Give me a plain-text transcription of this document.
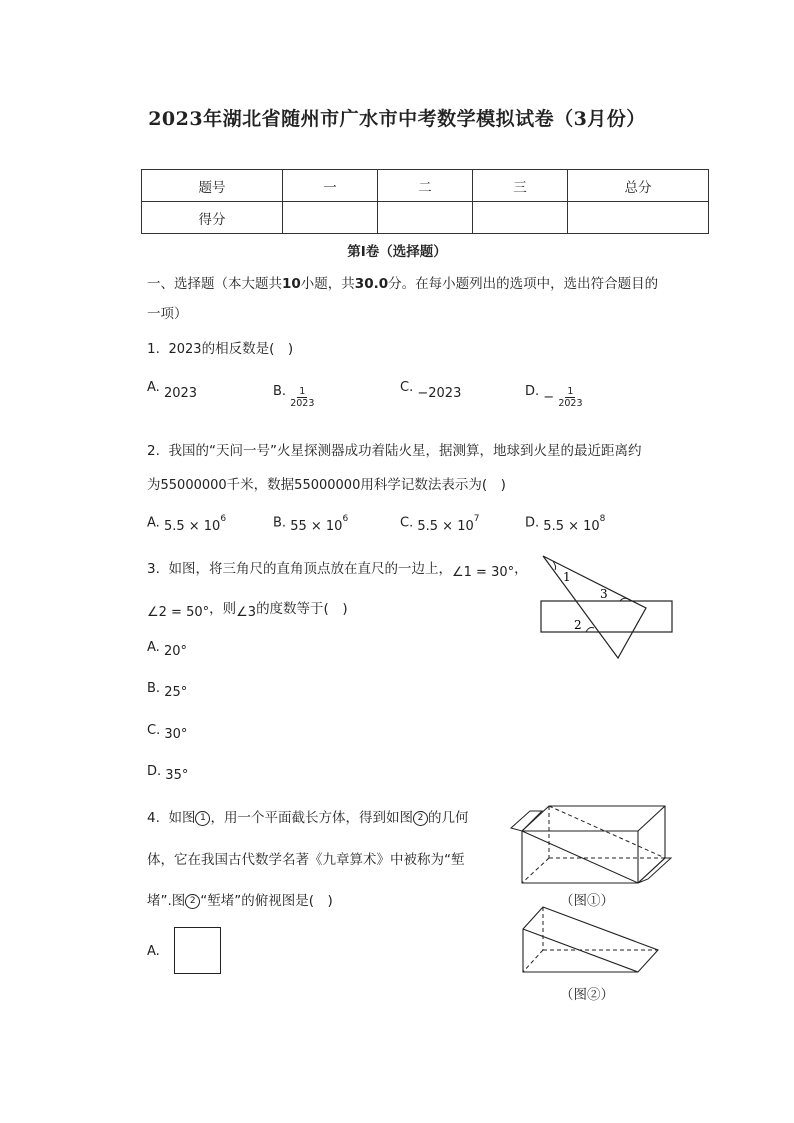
2023年湖北省随州市广水市中考数学模拟试卷（3月份）
题号	一	二	三	总分
得分				
第I卷（选择题）
一、选择题（本大题共10小题，共30.0分。在每小题列出的选项中，选出符合题目的
一项）
1. 2023的相反数是(　)
A. 2023	B. $\frac{1}{2023}$	C. −2023	D. − $\frac{1}{2023}$
2. 我国的“天问一号”火星探测器成功着陆火星，据测算，地球到火星的最近距离约
为55000000千米，数据55000000用科学记数法表示为(　)
A. $5.5 \times 10^6$	B. $55 \times 10^6$	C. $5.5 \times 10^7$	D. $5.5 \times 10^8$
3. 如图，将三角尺的直角顶点放在直尺的一边上，∠1 = 30°，
∠2 = 50°，则∠3的度数等于(　)
1
3
2
A. 20°
B. 25°
C. 30°
D. 35°
4. 如图 1 ，用一个平面截长方体，得到如图 2 的几何
体，它在我国古代数学名著《九章算术》中被称为“堑
堵”.图 2 “堑堵”的俯视图是(　)	（图①）
（图②）
A.
